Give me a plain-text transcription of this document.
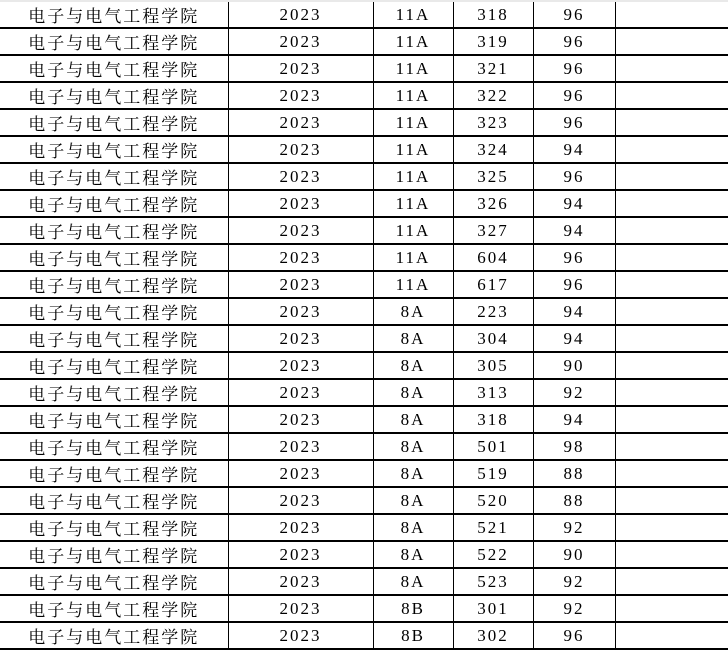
电子与电气工程学院	2023	11A	318	96	
电子与电气工程学院	2023	11A	319	96	
电子与电气工程学院	2023	11A	321	96	
电子与电气工程学院	2023	11A	322	96	
电子与电气工程学院	2023	11A	323	96	
电子与电气工程学院	2023	11A	324	94	
电子与电气工程学院	2023	11A	325	96	
电子与电气工程学院	2023	11A	326	94	
电子与电气工程学院	2023	11A	327	94	
电子与电气工程学院	2023	11A	604	96	
电子与电气工程学院	2023	11A	617	96	
电子与电气工程学院	2023	8A	223	94	
电子与电气工程学院	2023	8A	304	94	
电子与电气工程学院	2023	8A	305	90	
电子与电气工程学院	2023	8A	313	92	
电子与电气工程学院	2023	8A	318	94	
电子与电气工程学院	2023	8A	501	98	
电子与电气工程学院	2023	8A	519	88	
电子与电气工程学院	2023	8A	520	88	
电子与电气工程学院	2023	8A	521	92	
电子与电气工程学院	2023	8A	522	90	
电子与电气工程学院	2023	8A	523	92	
电子与电气工程学院	2023	8B	301	92	
电子与电气工程学院	2023	8B	302	96	
